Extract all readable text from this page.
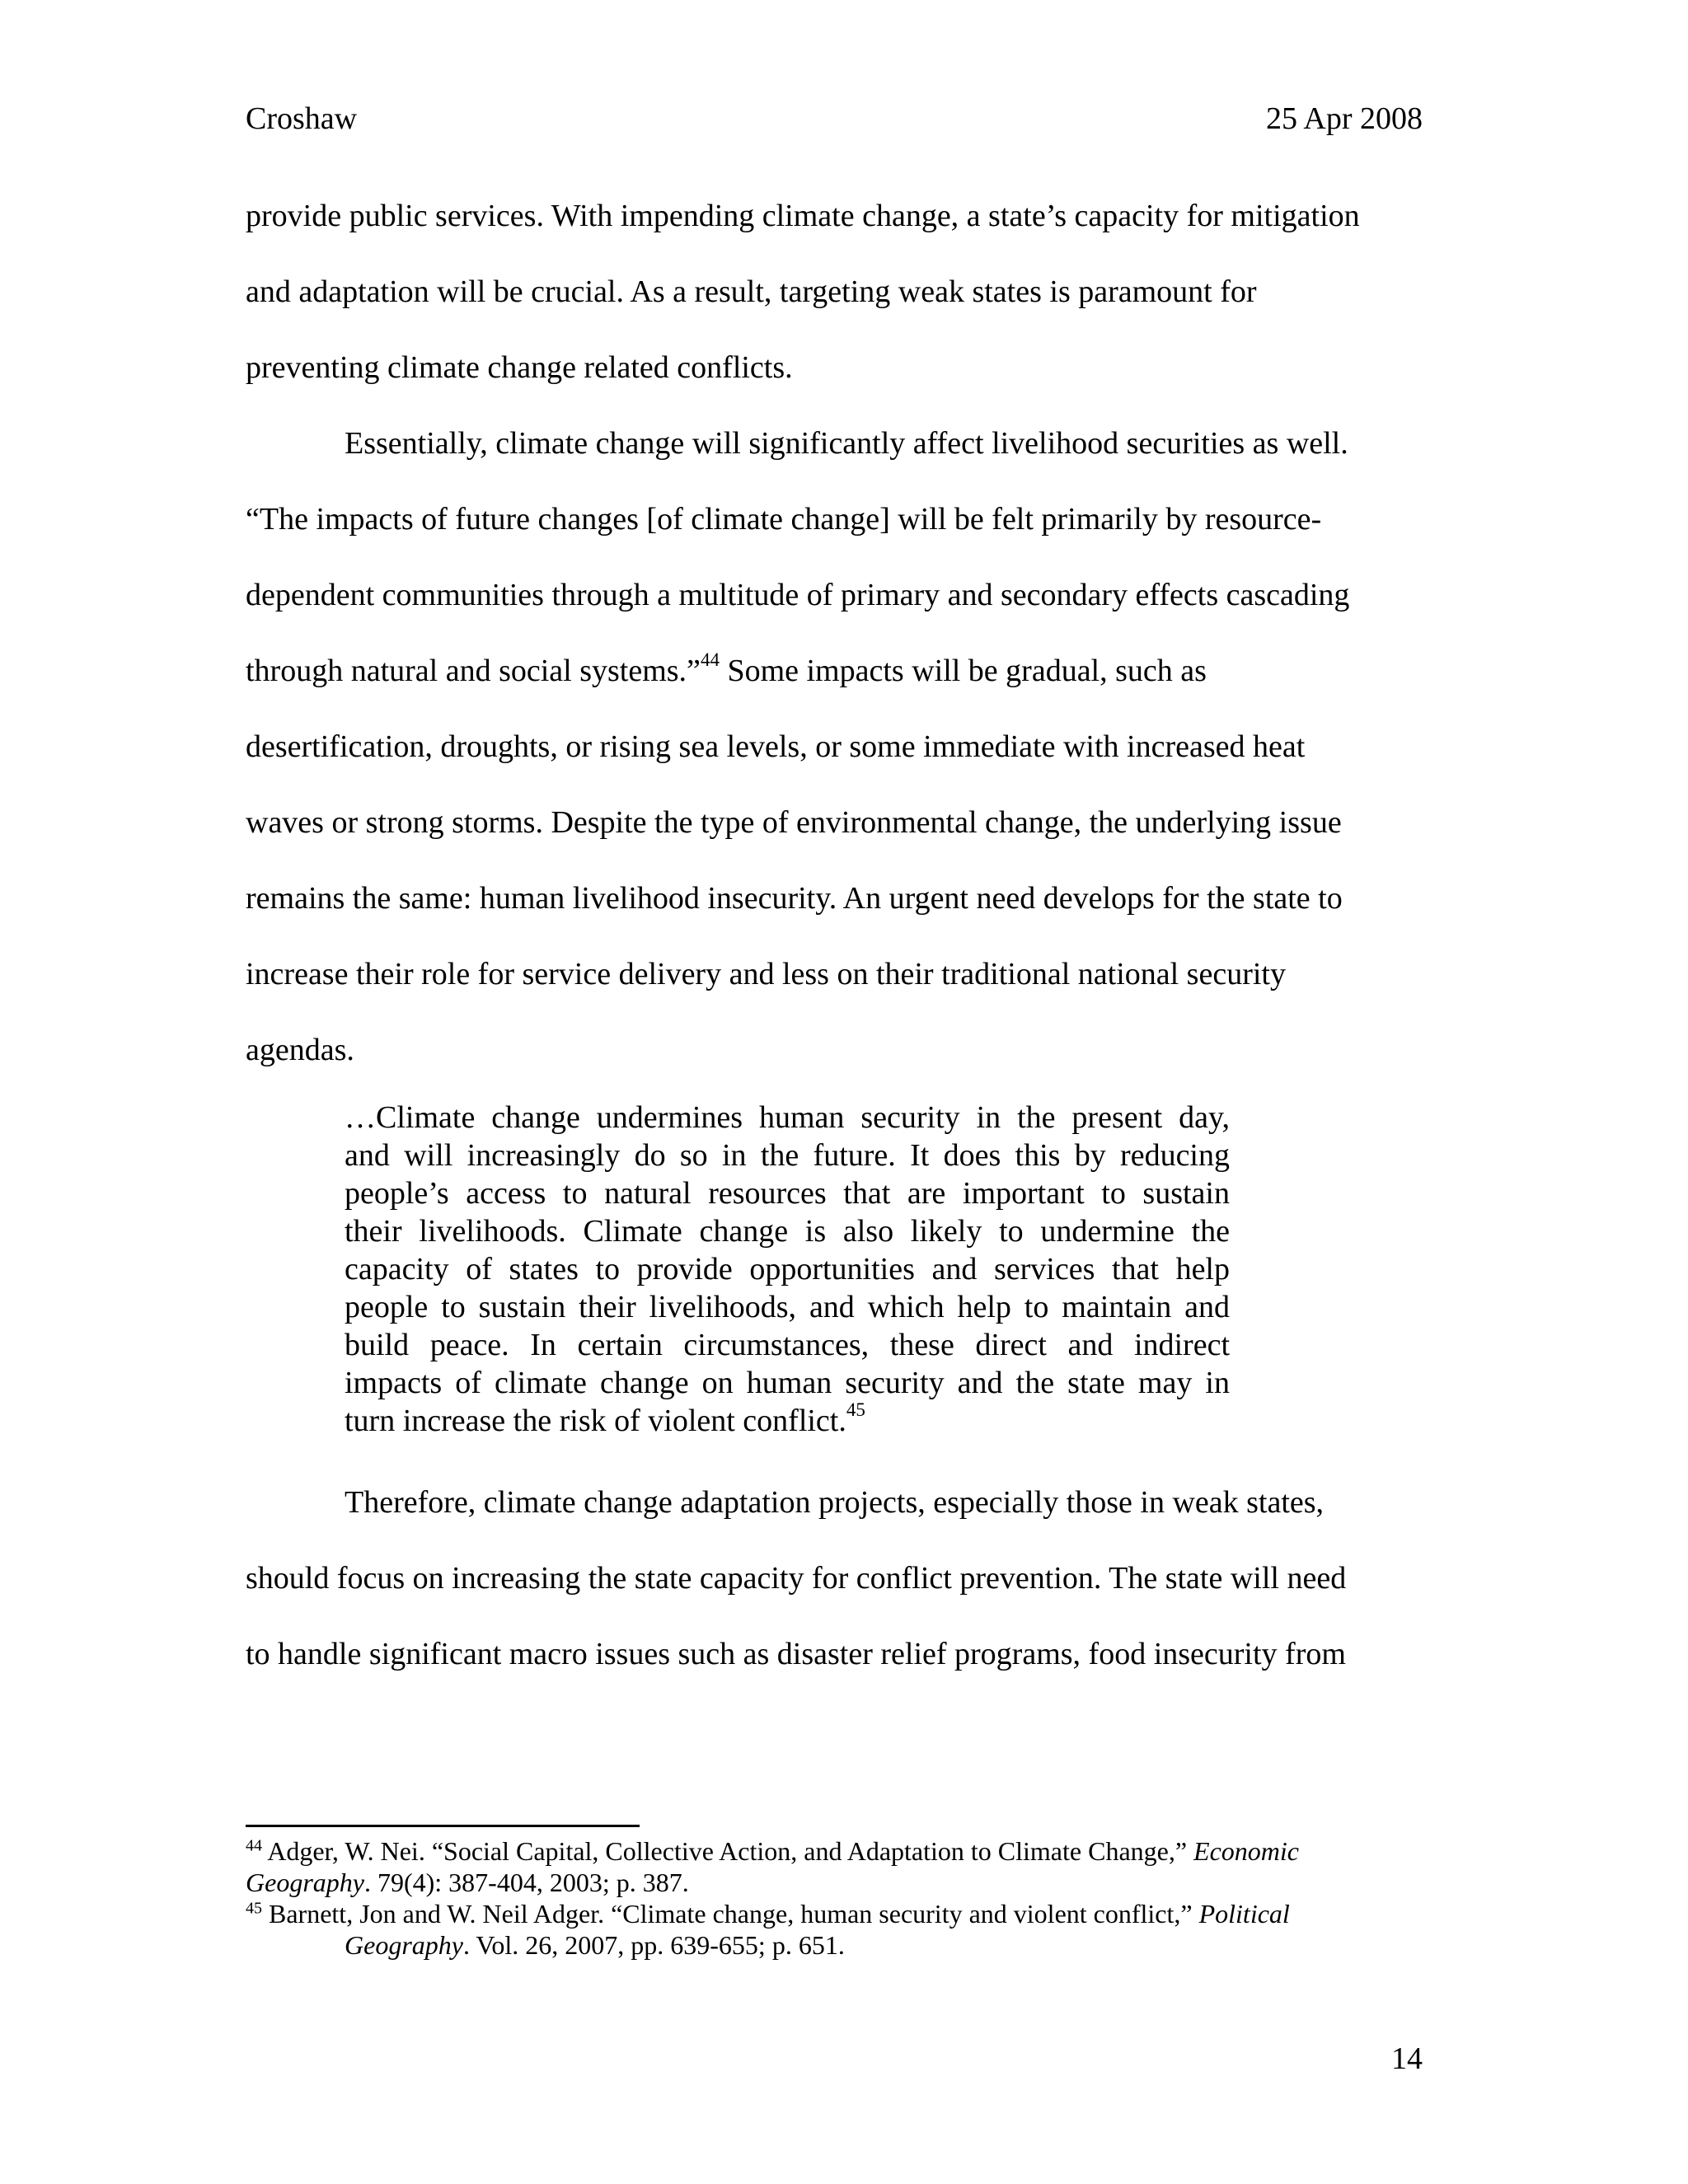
Croshaw	25 Apr 2008
provide public services. With impending climate change, a state’s capacity for mitigation
and adaptation will be crucial. As a result, targeting weak states is paramount for
preventing climate change related conflicts.
Essentially, climate change will significantly affect livelihood securities as well.
“The impacts of future changes [of climate change] will be felt primarily by resource-
dependent communities through a multitude of primary and secondary effects cascading
through natural and social systems.”$^{44}$ Some impacts will be gradual, such as
desertification, droughts, or rising sea levels, or some immediate with increased heat
waves or strong storms. Despite the type of environmental change, the underlying issue
remains the same: human livelihood insecurity. An urgent need develops for the state to
increase their role for service delivery and less on their traditional national security
agendas.
…Climate change undermines human security in the present day,
and will increasingly do so in the future. It does this by reducing
people’s access to natural resources that are important to sustain
their livelihoods. Climate change is also likely to undermine the
capacity of states to provide opportunities and services that help
people to sustain their livelihoods, and which help to maintain and
build peace. In certain circumstances, these direct and indirect
impacts of climate change on human security and the state may in
turn increase the risk of violent conflict.$^{45}$
Therefore, climate change adaptation projects, especially those in weak states,
should focus on increasing the state capacity for conflict prevention. The state will need
to handle significant macro issues such as disaster relief programs, food insecurity from
$^{44}$ Adger, W. Nei. “Social Capital, Collective Action, and Adaptation to Climate Change,” Economic
Geography. 79(4): 387-404, 2003; p. 387.
$^{45}$ Barnett, Jon and W. Neil Adger. “Climate change, human security and violent conflict,” Political
Geography. Vol. 26, 2007, pp. 639-655; p. 651.
14
